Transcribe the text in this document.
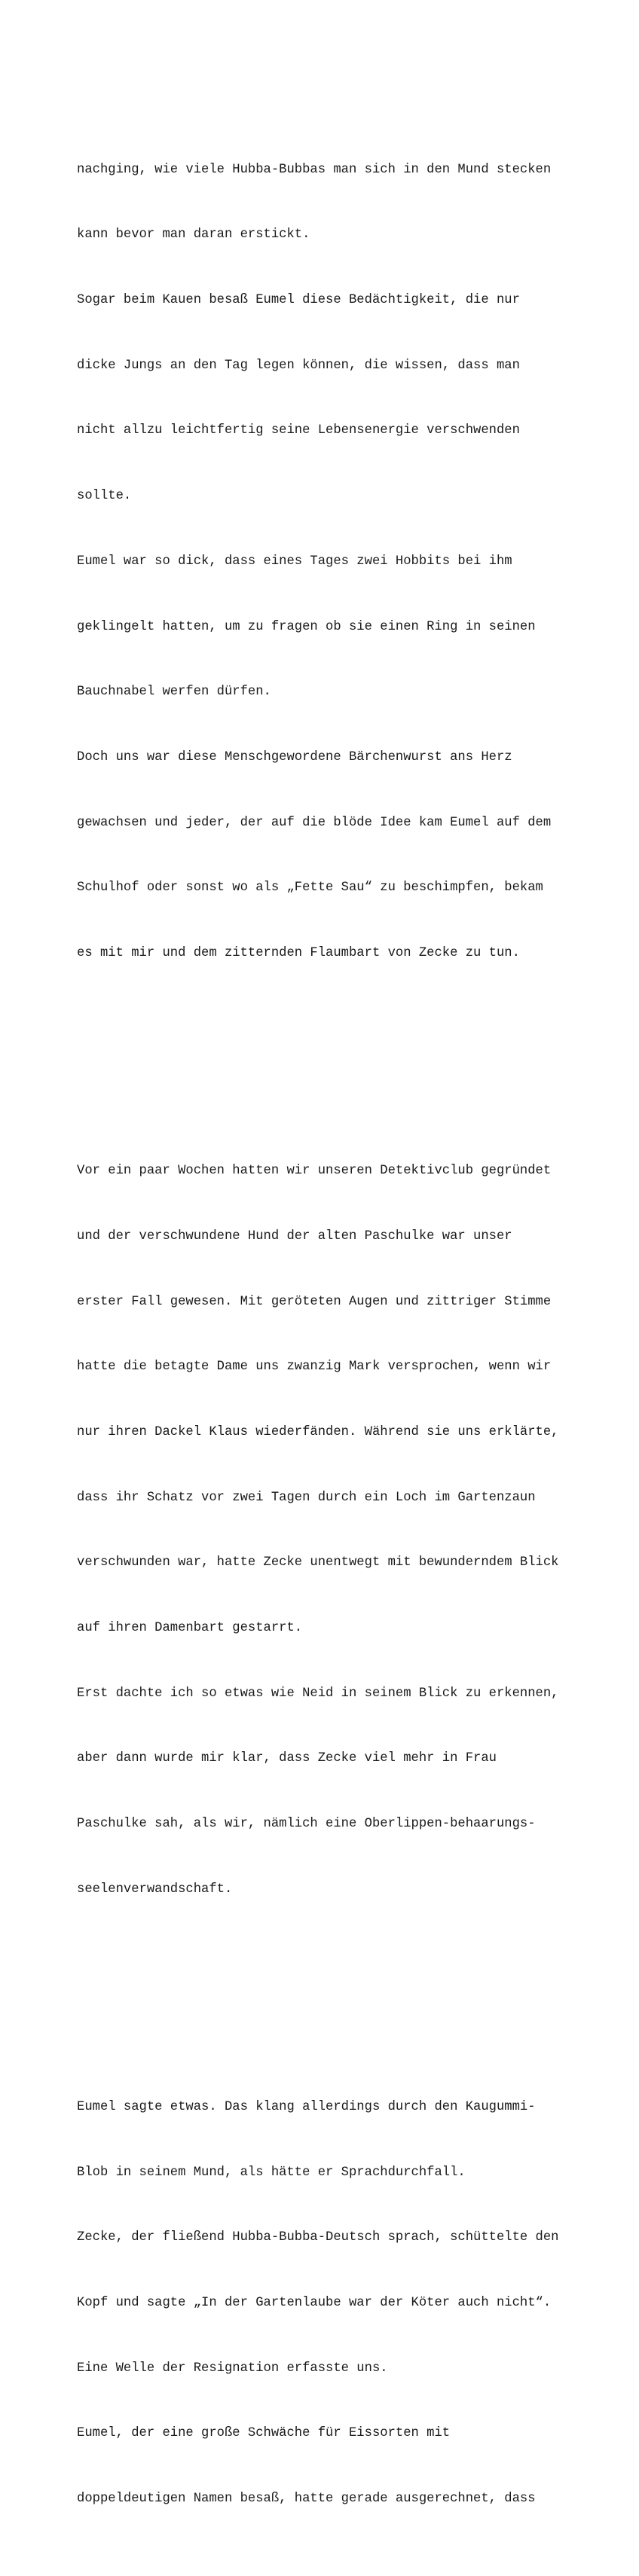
nachging, wie viele Hubba-Bubbas man sich in den Mund stecken

kann bevor man daran erstickt.

Sogar beim Kauen besaß Eumel diese Bedächtigkeit, die nur

dicke Jungs an den Tag legen können, die wissen, dass man

nicht allzu leichtfertig seine Lebensenergie verschwenden

sollte.

Eumel war so dick, dass eines Tages zwei Hobbits bei ihm

geklingelt hatten, um zu fragen ob sie einen Ring in seinen

Bauchnabel werfen dürfen.

Doch uns war diese Menschgewordene Bärchenwurst ans Herz

gewachsen und jeder, der auf die blöde Idee kam Eumel auf dem

Schulhof oder sonst wo als „Fette Sau“ zu beschimpfen, bekam

es mit mir und dem zitternden Flaumbart von Zecke zu tun.

Vor ein paar Wochen hatten wir unseren Detektivclub gegründet

und der verschwundene Hund der alten Paschulke war unser

erster Fall gewesen. Mit geröteten Augen und zittriger Stimme

hatte die betagte Dame uns zwanzig Mark versprochen, wenn wir

nur ihren Dackel Klaus wiederfänden. Während sie uns erklärte,

dass ihr Schatz vor zwei Tagen durch ein Loch im Gartenzaun

verschwunden war, hatte Zecke unentwegt mit bewunderndem Blick

auf ihren Damenbart gestarrt.

Erst dachte ich so etwas wie Neid in seinem Blick zu erkennen,

aber dann wurde mir klar, dass Zecke viel mehr in Frau

Paschulke sah, als wir, nämlich eine Oberlippen-behaarungs-

seelenverwandschaft.

Eumel sagte etwas. Das klang allerdings durch den Kaugummi-

Blob in seinem Mund, als hätte er Sprachdurchfall.

Zecke, der fließend Hubba-Bubba-Deutsch sprach, schüttelte den

Kopf und sagte „In der Gartenlaube war der Köter auch nicht“.

Eine Welle der Resignation erfasste uns.

Eumel, der eine große Schwäche für Eissorten mit

doppeldeutigen Namen besaß, hatte gerade ausgerechnet, dass
